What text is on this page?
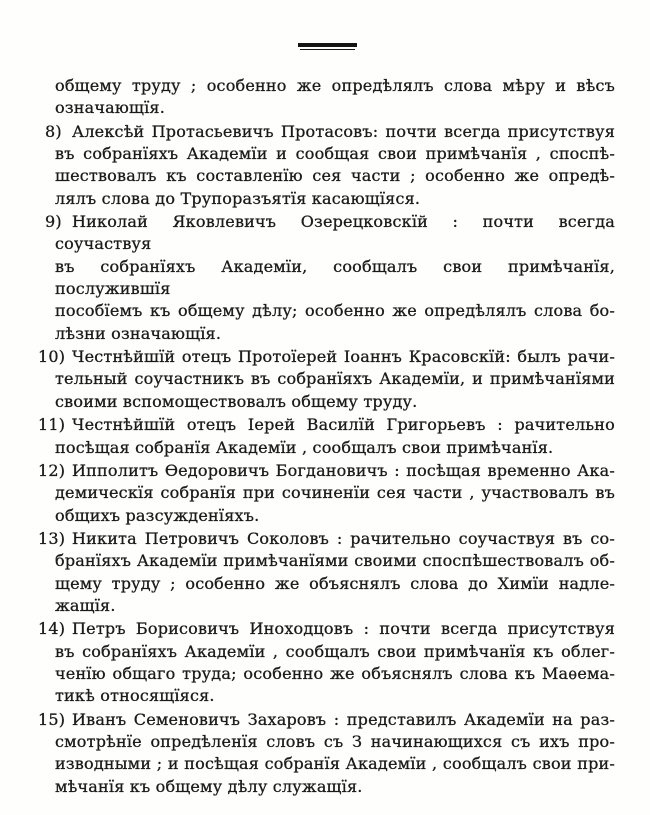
общему труду ; особенно же опредѣлялъ слова мѣру и вѣсъ
означающїя.
8) Алексѣй Протасьевичъ Протасовъ: почти всегда присутствуя
въ собранїяхъ Академїи и сообщая свои примѣчанїя , споспѣ-
шествовалъ къ составленїю сея части ; особенно же опредѣ-
лялъ слова до Трупоразъятїя касающїяся.
9) Николай Яковлевичъ Озерецковскїй : почти всегда соучаствуя
въ собранїяхъ Академїи, сообщалъ свои примѣчанїя, послужившїя
пособїемъ къ общему дѣлу; особенно же опредѣлялъ слова бо-
лѣзни означающїя.
10) Честнѣйшїй отецъ Протоїерей Іоаннъ Красовскїй: былъ рачи-
тельный соучастникъ въ собранїяхъ Академїи, и примѣчанїями
своими вспомоществовалъ общему труду.
11) Честнѣйшїй отецъ Іерей Василїй Григорьевъ : рачительно
посѣщая собранїя Академїи , сообщалъ свои примѣчанїя.
12) Ипполитъ Ѳедоровичъ Богдановичъ : посѣщая временно Ака-
демическїя собранїя при сочиненїи сея части , участвовалъ въ
общихъ разсужденїяхъ.
13) Никита Петровичъ Соколовъ : рачительно соучаствуя въ со-
бранїяхъ Академїи примѣчанїями своими споспѣшествовалъ об-
щему труду ; особенно же объяснялъ слова до Химїи надле-
жащїя.
14) Петръ Борисовичъ Иноходцовъ : почти всегда присутствуя
въ собранїяхъ Академїи , сообщалъ свои примѣчанїя къ облег-
ченїю общаго труда; особенно же объяснялъ слова къ Маѳема-
тикѣ относящїяся.
15) Иванъ Семеновичъ Захаровъ : представилъ Академїи на раз-
смотрѣнїе опредѣленїя словъ съ З начинающихся съ ихъ про-
изводными ; и посѣщая собранїя Академїи , сообщалъ свои при-
мѣчанїя къ общему дѣлу служащїя.
